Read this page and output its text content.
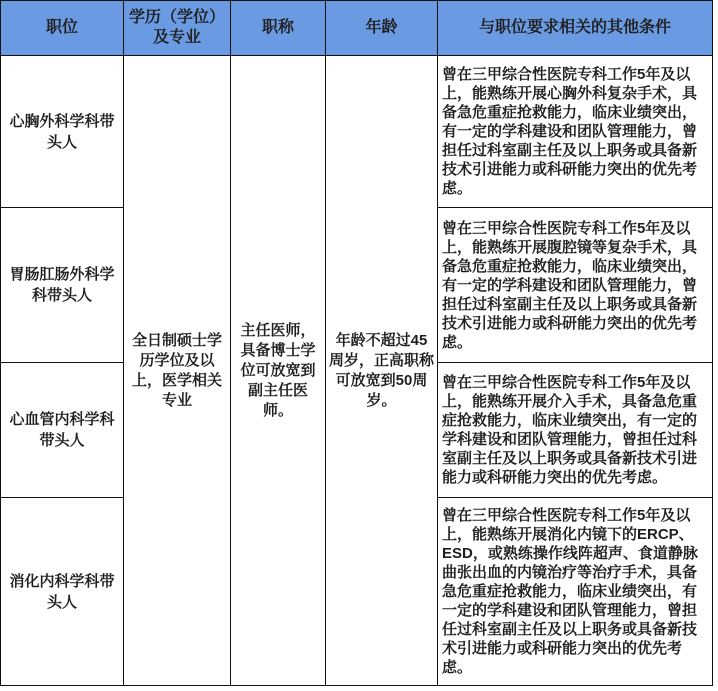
职位	学历（学位）及专业	职称	年龄	与职位要求相关的其他条件
心胸外科学科带头人	全日制硕士学历学位及以上，医学相关专业	主任医师，具备博士学位可放宽到副主任医师。	年龄不超过45周岁，正高职称可放宽到50周岁。	曾在三甲综合性医院专科工作5年及以上，能熟练开展心胸外科复杂手术，具备急危重症抢救能力，临床业绩突出，有一定的学科建设和团队管理能力，曾担任过科室副主任及以上职务或具备新技术引进能力或科研能力突出的优先考虑。
胃肠肛肠外科学科带头人				曾在三甲综合性医院专科工作5年及以上，能熟练开展腹腔镜等复杂手术，具备急危重症抢救能力，临床业绩突出，有一定的学科建设和团队管理能力，曾担任过科室副主任及以上职务或具备新技术引进能力或科研能力突出的优先考虑。
心血管内科学科带头人				曾在三甲综合性医院专科工作5年及以上，能熟练开展介入手术，具备急危重症抢救能力，临床业绩突出，有一定的学科建设和团队管理能力，曾担任过科室副主任及以上职务或具备新技术引进能力或科研能力突出的优先考虑。
消化内科学科带头人				曾在三甲综合性医院专科工作5年及以上，能熟练开展消化内镜下的ERCP、ESD，或熟练操作线阵超声、食道静脉曲张出血的内镜治疗等治疗手术，具备急危重症抢救能力，临床业绩突出，有一定的学科建设和团队管理能力，曾担任过科室副主任及以上职务或具备新技术引进能力或科研能力突出的优先考虑。
